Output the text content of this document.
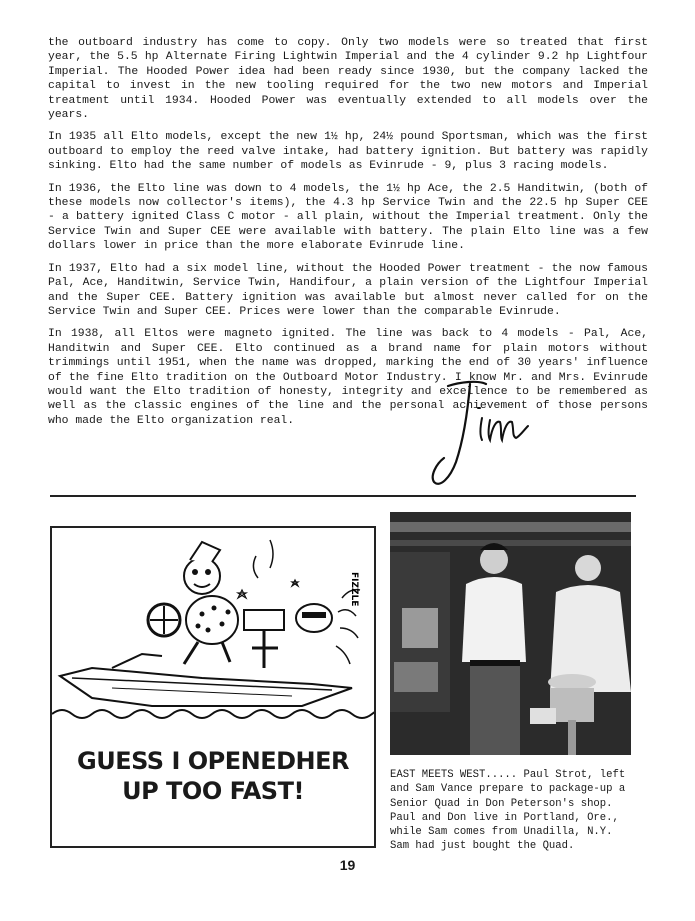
the outboard industry has come to copy. Only two models were so treated that first year, the 5.5 hp Alternate Firing Lightwin Imperial and the 4 cylinder 9.2 hp Lightfour Imperial. The Hooded Power idea had been ready since 1930, but the company lacked the capital to invest in the new tooling required for the two new motors and Imperial treatment until 1934. Hooded Power was eventually extended to all models over the years.

In 1935 all Elto models, except the new 1½ hp, 24½ pound Sportsman, which was the first outboard to employ the reed valve intake, had battery ignition. But battery was rapidly sinking. Elto had the same number of models as Evinrude - 9, plus 3 racing models.

In 1936, the Elto line was down to 4 models, the 1½ hp Ace, the 2.5 Handitwin, (both of these models now collector's items), the 4.3 hp Service Twin and the 22.5 hp Super CEE - a battery ignited Class C motor - all plain, without the Imperial treatment. Only the Service Twin and Super CEE were available with battery. The plain Elto line was a few dollars lower in price than the more elaborate Evinrude line.

In 1937, Elto had a six model line, without the Hooded Power treatment - the now famous Pal, Ace, Handitwin, Service Twin, Handifour, a plain version of the Lightfour Imperial and the Super CEE. Battery ignition was available but almost never called for on the Service Twin and Super CEE. Prices were lower than the comparable Evinrude.

In 1938, all Eltos were magneto ignited. The line was back to 4 models - Pal, Ace, Handitwin and Super CEE. Elto continued as a brand name for plain motors without trimmings until 1951, when the name was dropped, marking the end of 30 years' influence of the fine Elto tradition on the Outboard Motor Industry. I know Mr. and Mrs. Evinrude would want the Elto tradition of honesty, integrity and excellence to be remembered as well as the classic engines of the line and the personal achievement of those persons who made the Elto organization real.

FIZZLE
GUESS I OPENEDHER
UP TOO FAST!
EAST MEETS WEST..... Paul Strot, left
and Sam Vance prepare to package-up a
Senior Quad in Don Peterson's shop.
Paul and Don live in Portland, Ore.,
while Sam comes from Unadilla, N.Y.
Sam had just bought the Quad.
19
